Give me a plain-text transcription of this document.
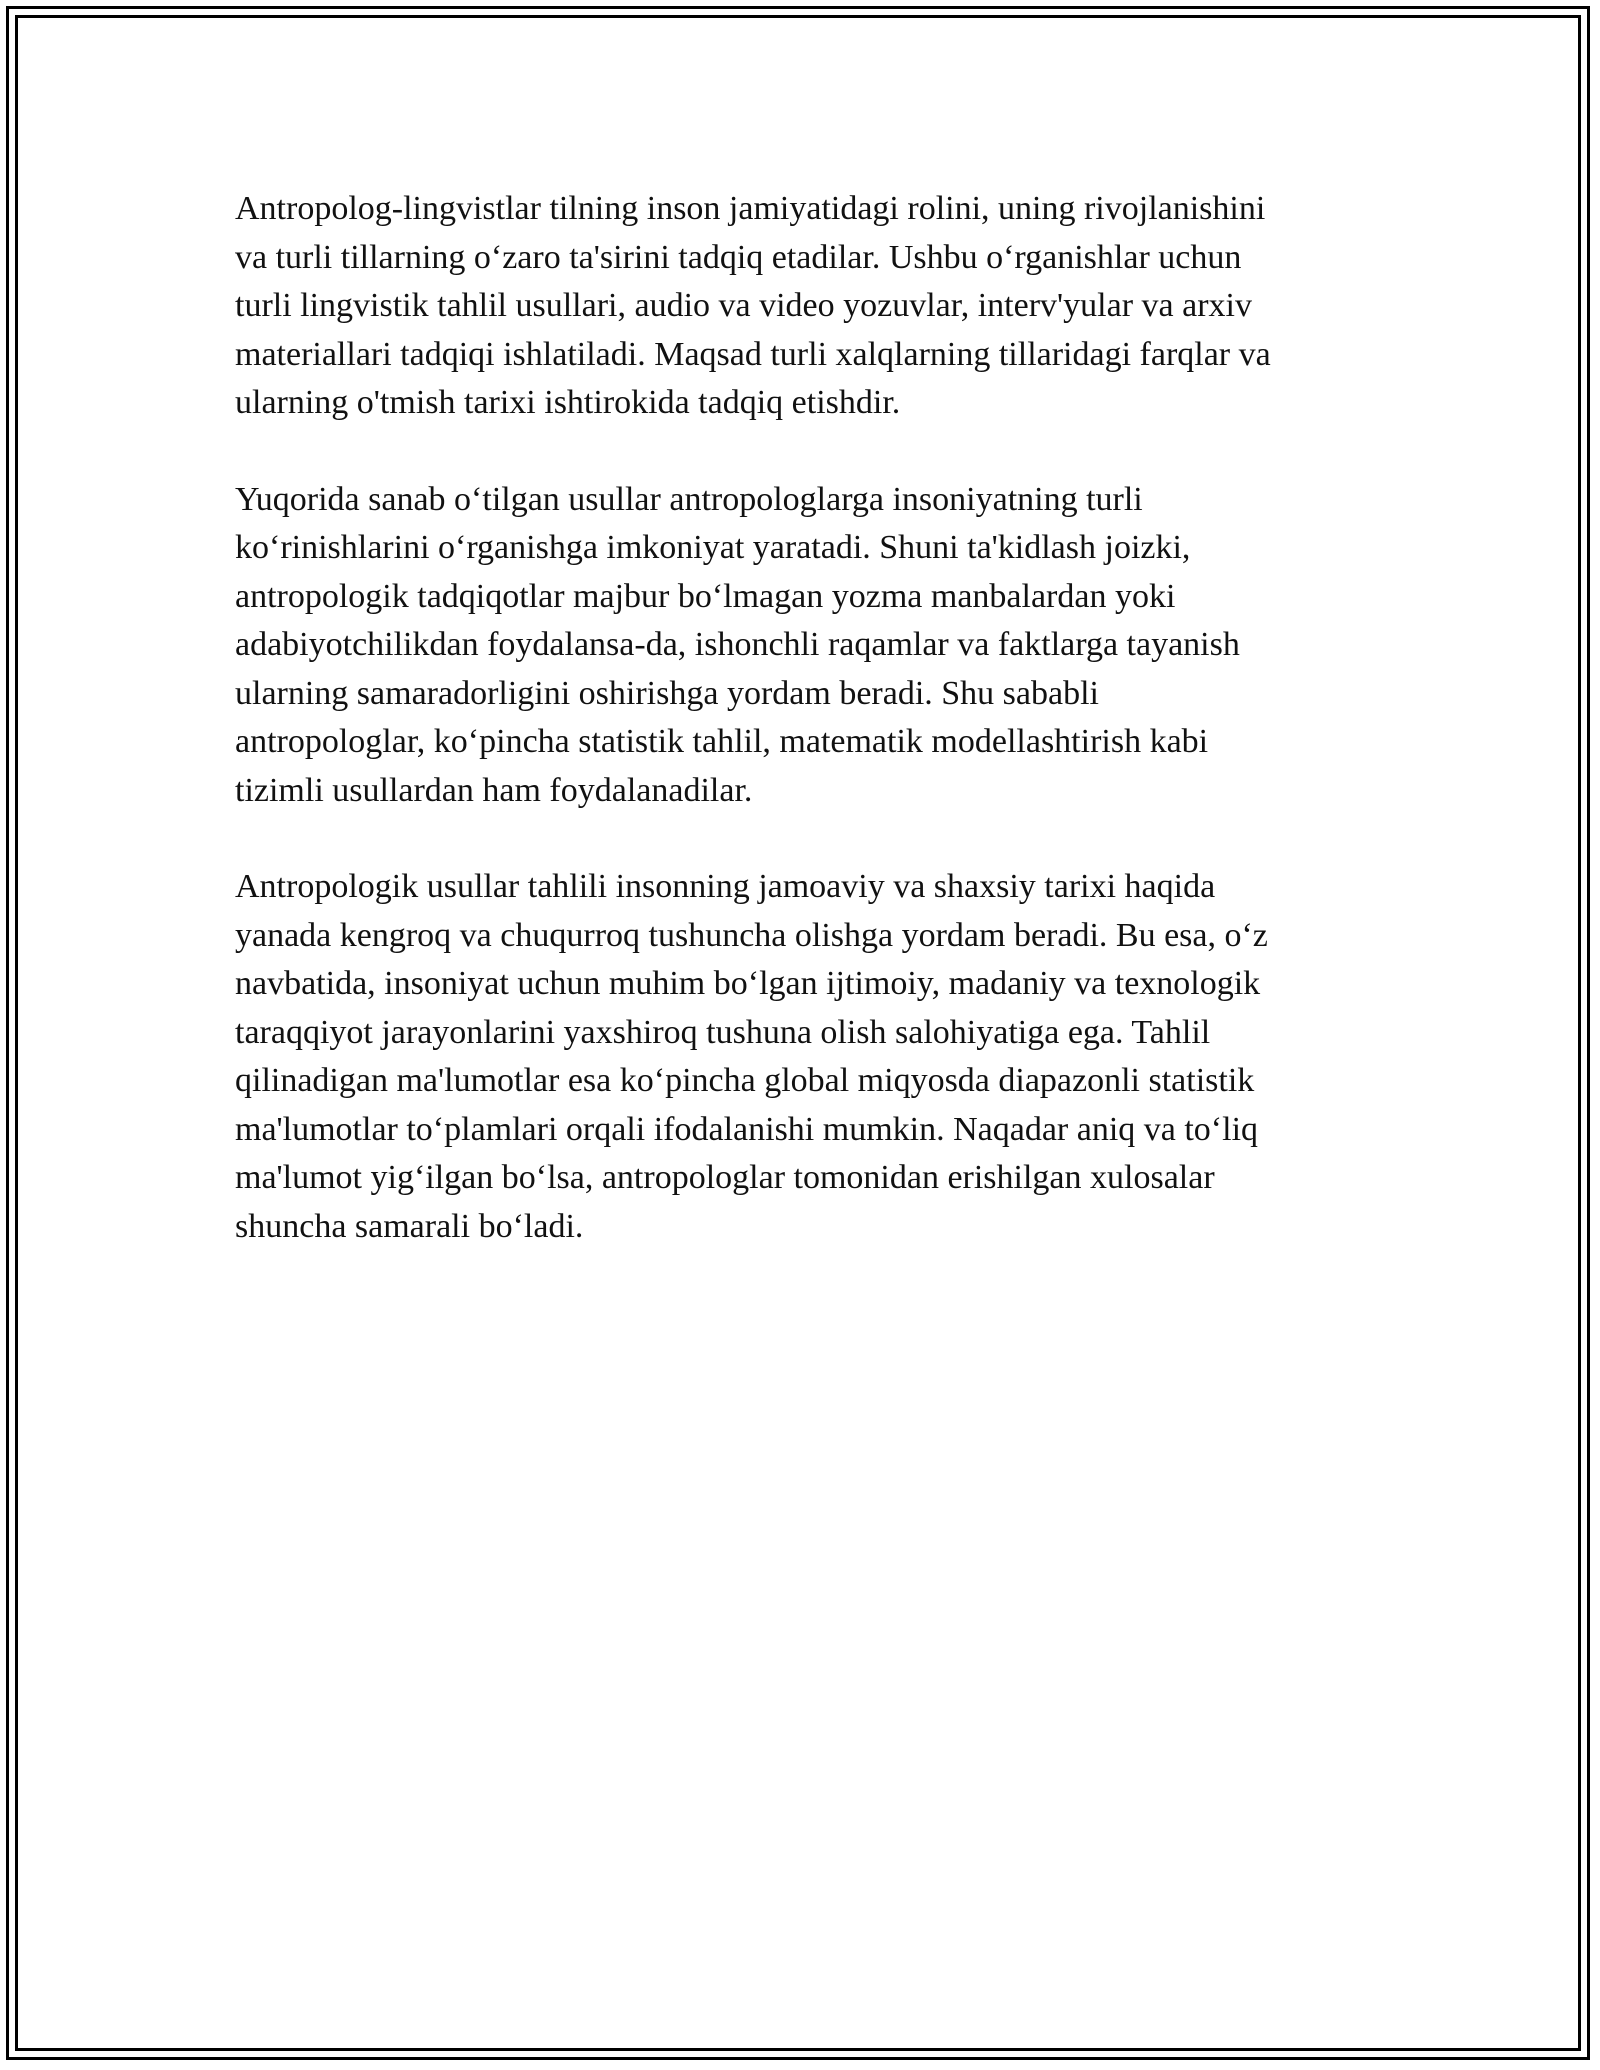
Antropolog-lingvistlar tilning inson jamiyatidagi rolini, uning rivojlanishini
va turli tillarning o‘zaro ta'sirini tadqiq etadilar. Ushbu o‘rganishlar uchun
turli lingvistik tahlil usullari, audio va video yozuvlar, interv'yular va arxiv
materiallari tadqiqi ishlatiladi. Maqsad turli xalqlarning tillaridagi farqlar va
ularning o'tmish tarixi ishtirokida tadqiq etishdir.

Yuqorida sanab o‘tilgan usullar antropologlarga insoniyatning turli
ko‘rinishlarini o‘rganishga imkoniyat yaratadi. Shuni ta'kidlash joizki,
antropologik tadqiqotlar majbur bo‘lmagan yozma manbalardan yoki
adabiyotchilikdan foydalansa-da, ishonchli raqamlar va faktlarga tayanish
ularning samaradorligini oshirishga yordam beradi. Shu sababli
antropologlar, ko‘pincha statistik tahlil, matematik modellashtirish kabi
tizimli usullardan ham foydalanadilar.

Antropologik usullar tahlili insonning jamoaviy va shaxsiy tarixi haqida
yanada kengroq va chuqurroq tushuncha olishga yordam beradi. Bu esa, o‘z
navbatida, insoniyat uchun muhim bo‘lgan ijtimoiy, madaniy va texnologik
taraqqiyot jarayonlarini yaxshiroq tushuna olish salohiyatiga ega. Tahlil
qilinadigan ma'lumotlar esa ko‘pincha global miqyosda diapazonli statistik
ma'lumotlar to‘plamlari orqali ifodalanishi mumkin. Naqadar aniq va to‘liq
ma'lumot yig‘ilgan bo‘lsa, antropologlar tomonidan erishilgan xulosalar
shuncha samarali bo‘ladi.
